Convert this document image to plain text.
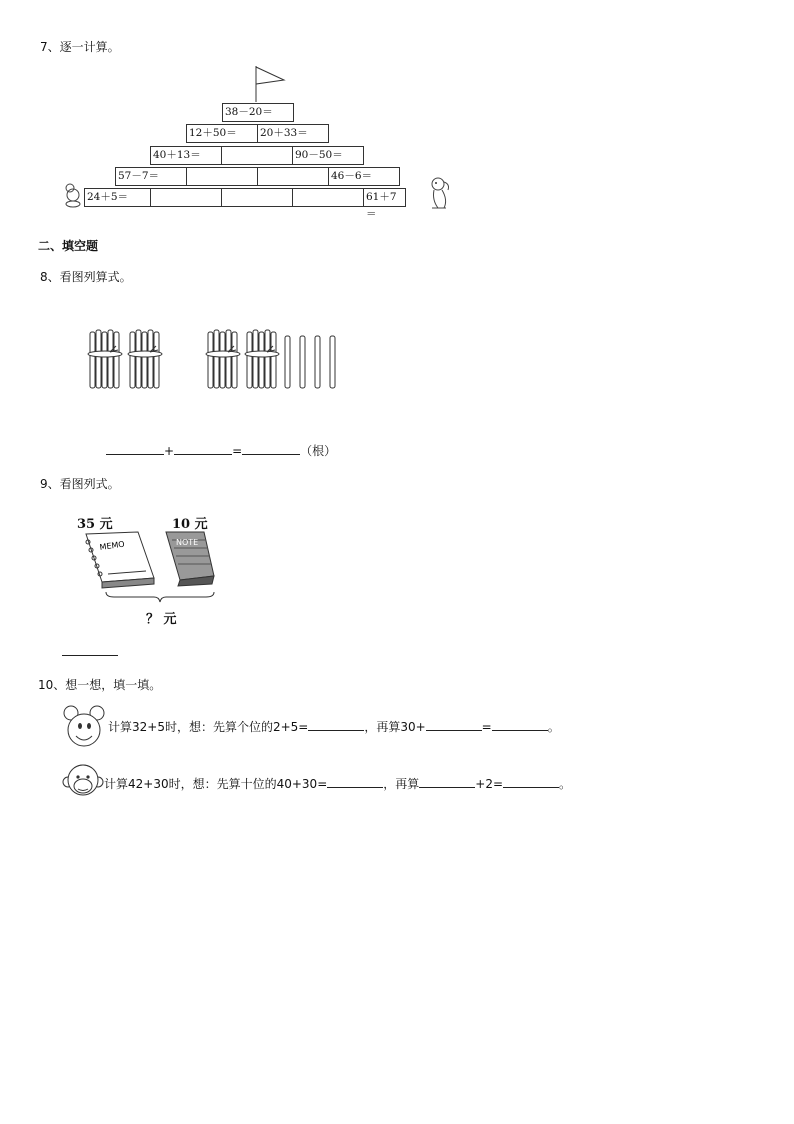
7、逐一计算。
38－20＝
12＋50＝	20＋33＝
40＋13＝	90－50＝
57－7＝	46－6＝
24＋5＝	61＋7＝
二、填空题
8、看图列算式。
+	=	（根）
9、看图列式。
35 元	10 元
MEMO	NOTE
？ 元
10、想一想，填一填。
计算32+5时，想：先算个位的2+5=	，再算30+	=	。
计算42+30时，想：先算十位的40+30=	，再算	+2=	。
